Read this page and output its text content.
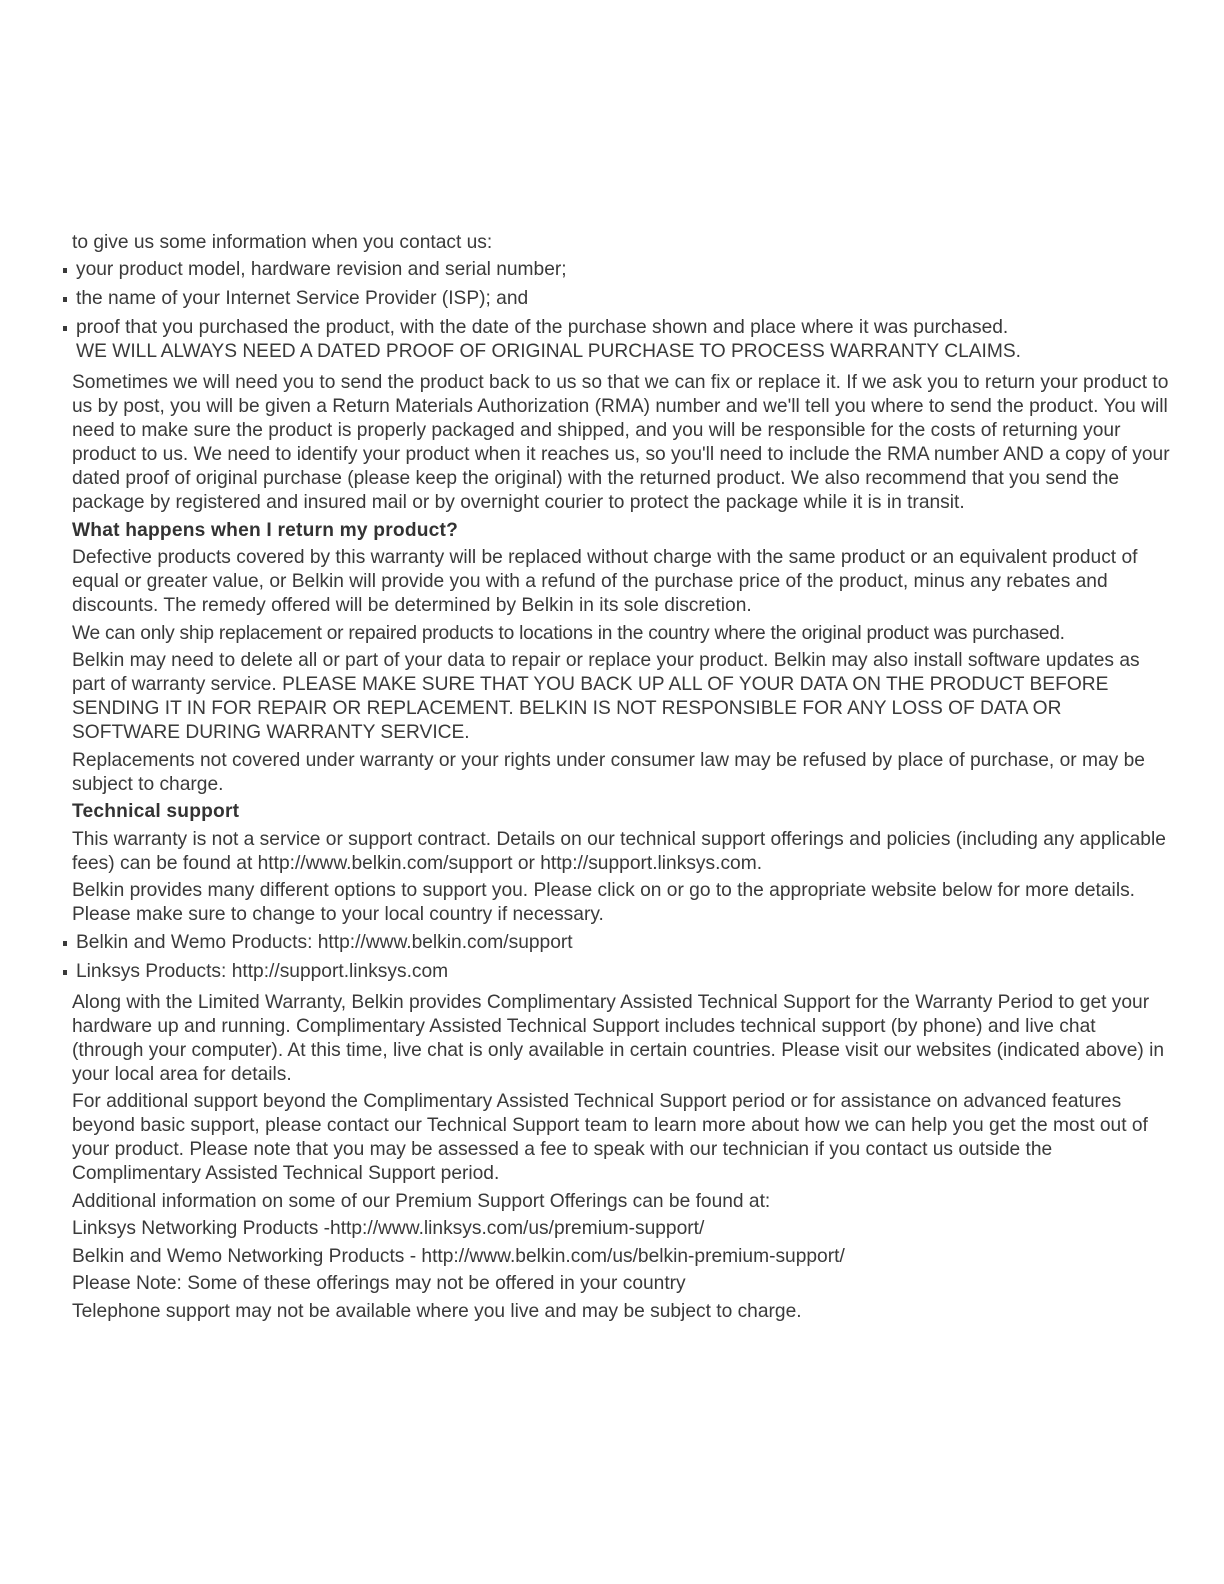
to give us some information when you contact us:

your product model, hardware revision and serial number;
the name of your Internet Service Provider (ISP); and
proof that you purchased the product, with the date of the purchase shown and place where it was purchased.
WE WILL ALWAYS NEED A DATED PROOF OF ORIGINAL PURCHASE TO PROCESS WARRANTY CLAIMS.

Sometimes we will need you to send the product back to us so that we can fix or replace it. If we ask you to return your product to us by post, you will be given a Return Materials Authorization (RMA) number and we'll tell you where to send the product. You will need to make sure the product is properly packaged and shipped, and you will be responsible for the costs of returning your product to us. We need to identify your product when it reaches us, so you'll need to include the RMA number AND a copy of your dated proof of original purchase (please keep the original) with the returned product. We also recommend that you send the package by registered and insured mail or by overnight courier to protect the package while it is in transit.

What happens when I return my product?

Defective products covered by this warranty will be replaced without charge with the same product or an equivalent product of equal or greater value, or Belkin will provide you with a refund of the purchase price of the product, minus any rebates and discounts. The remedy offered will be determined by Belkin in its sole discretion.

We can only ship replacement or repaired products to locations in the country where the original product was purchased.

Belkin may need to delete all or part of your data to repair or replace your product. Belkin may also install software updates as part of warranty service. PLEASE MAKE SURE THAT YOU BACK UP ALL OF YOUR DATA ON THE PRODUCT BEFORE SENDING IT IN FOR REPAIR OR REPLACEMENT. BELKIN IS NOT RESPONSIBLE FOR ANY LOSS OF DATA OR SOFTWARE DURING WARRANTY SERVICE.

Replacements not covered under warranty or your rights under consumer law may be refused by place of purchase, or may be subject to charge.

Technical support

This warranty is not a service or support contract. Details on our technical support offerings and policies (including any applicable fees) can be found at http://www.belkin.com/support or http://support.linksys.com.

Belkin provides many different options to support you. Please click on or go to the appropriate website below for more details. Please make sure to change to your local country if necessary.

Belkin and Wemo Products: http://www.belkin.com/support
Linksys Products: http://support.linksys.com

Along with the Limited Warranty, Belkin provides Complimentary Assisted Technical Support for the Warranty Period to get your hardware up and running. Complimentary Assisted Technical Support includes technical support (by phone) and live chat (through your computer). At this time, live chat is only available in certain countries. Please visit our websites (indicated above) in your local area for details.

For additional support beyond the Complimentary Assisted Technical Support period or for assistance on advanced features beyond basic support, please contact our Technical Support team to learn more about how we can help you get the most out of your product. Please note that you may be assessed a fee to speak with our technician if you contact us outside the Complimentary Assisted Technical Support period.

Additional information on some of our Premium Support Offerings can be found at:

Linksys Networking Products -http://www.linksys.com/us/premium-support/

Belkin and Wemo Networking Products - http://www.belkin.com/us/belkin-premium-support/

Please Note: Some of these offerings may not be offered in your country

Telephone support may not be available where you live and may be subject to charge.
